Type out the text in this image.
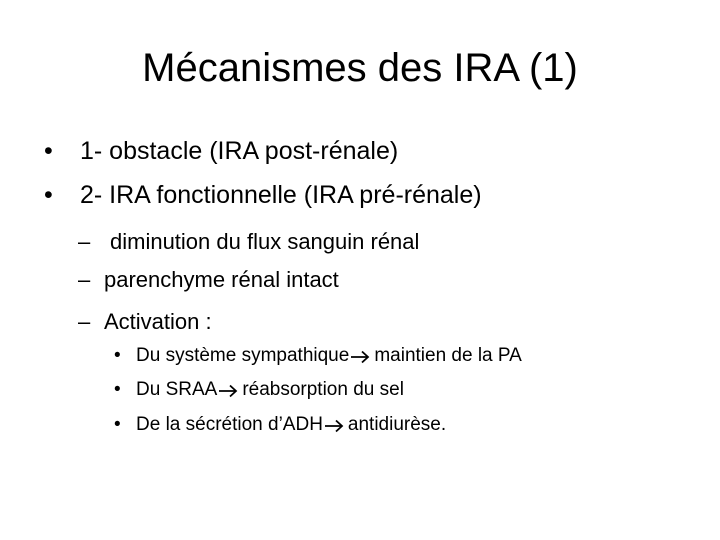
Mécanismes des IRA (1)
•	1- obstacle (IRA post-rénale)
•	2- IRA fonctionnelle (IRA pré-rénale)
– diminution du flux sanguin rénal
– parenchyme rénal intact
– Activation :
• Du système sympathique maintien de la PA
• Du SRAA réabsorption du sel
• De la sécrétion d’ADH antidiurèse.
